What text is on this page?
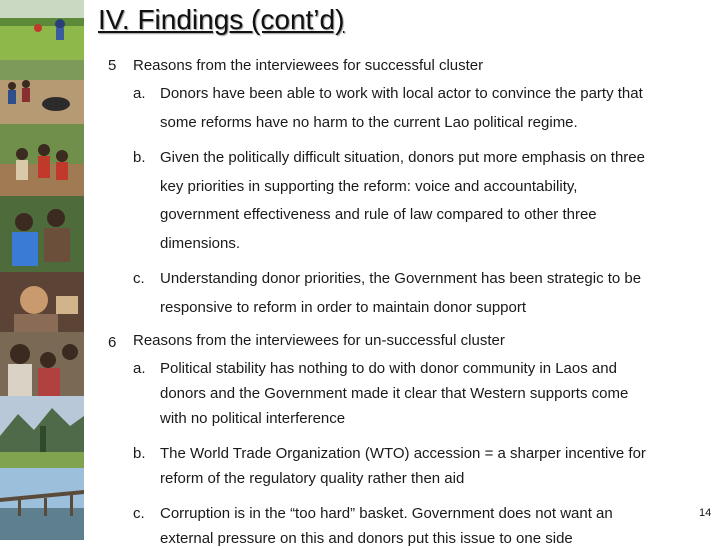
IV. Findings (cont’d)
5 Reasons from the interviewees for successful cluster
a. Donors have been able to work with local actor to convince the party that
some reforms have no harm to the current Lao political regime.
b. Given the politically difficult situation, donors put more emphasis on three
key priorities in supporting the reform: voice and accountability,
government effectiveness and rule of law compared to other three
dimensions.
c. Understanding donor priorities, the Government has been strategic to be
responsive to reform in order to maintain donor support
6 Reasons from the interviewees for un-successful cluster
a. Political stability has nothing to do with donor community in Laos and
donors and the Government made it clear that Western supports come
with no political interference
b. The World Trade Organization (WTO) accession = a sharper incentive for
reform of the regulatory quality rather then aid
c. Corruption is in the “too hard” basket. Government does not want an
external pressure on this and donors put this issue to one side
14
